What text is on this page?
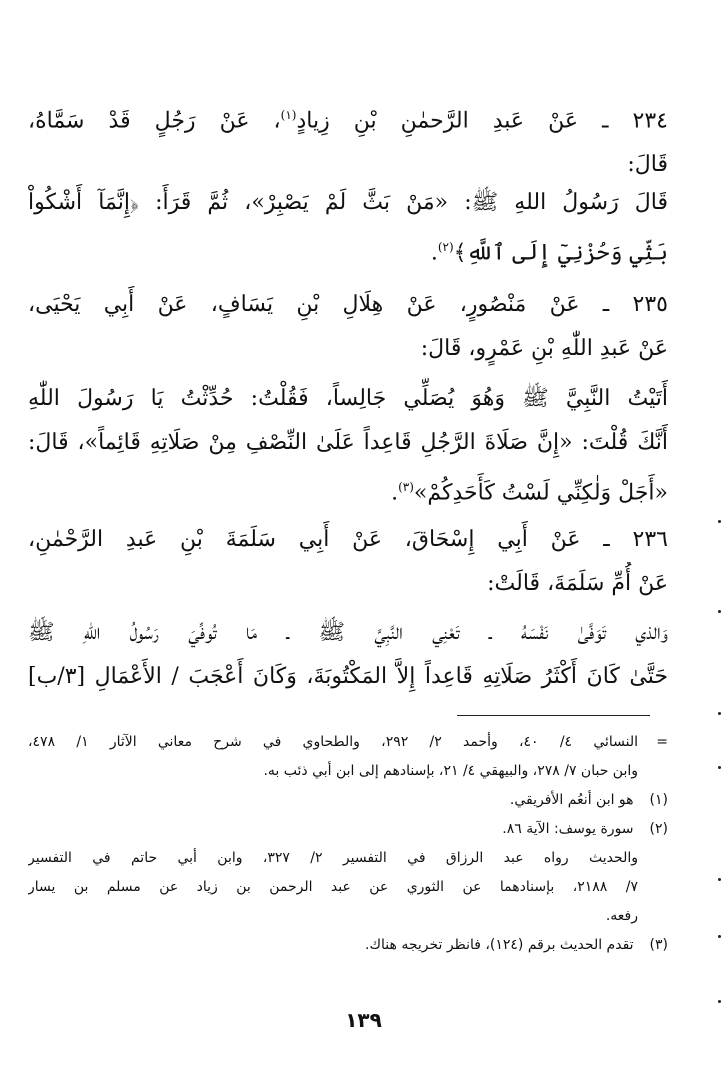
٢٣٤ ـ عَنْ عَبدِ الرَّحمٰنِ بْنِ زِيادٍ$^{(١)}$، عَنْ رَجُلٍ قَدْ سَمَّاهُ،
قَالَ:
قَالَ رَسُولُ اللهِ ﷺ: «مَنْ بَثَّ لَمْ يَصْبِرْ»، ثُمَّ قَرَأَ: ﴿إِنَّمَآ أَشْكُواْ
بَثِّي وَحُزْنِيٓ إِلَى ٱللَّهِ﴾$^{(٢)}$.
٢٣٥ ـ عَنْ مَنْصُورٍ، عَنْ هِلَالِ بْنِ يَسَافٍ، عَنْ أَبِي يَحْيَى،
عَنْ عَبدِ اللّٰهِ بْنِ عَمْرٍو، قَالَ:
أَتَيْتُ النَّبِيَّ ﷺ وَهُوَ يُصَلِّي جَالِساً، فَقُلْتُ: حُدِّثْتُ يَا رَسُولَ اللّٰهِ
أَنَّكَ قُلْتَ: «إِنَّ صَلَاةَ الرَّجُلِ قَاعِداً عَلَىٰ النِّصْفِ مِنْ صَلَاتِهِ قَائِماً»، قَالَ:
«أَجَلْ وَلٰكِنِّي لَسْتُ كَأَحَدِكُمْ»$^{(٣)}$.
٢٣٦ ـ عَنْ أَبِي إِسْحَاقَ، عَنْ أَبِي سَلَمَةَ بْنِ عَبدِ الرَّحْمٰنِ،
عَنْ أُمِّ سَلَمَةَ، قَالَتْ:
وَالذي تَوَفَّىٰ نَفْسَهُ ـ تَعْنِي النَّبِيَّ ﷺ ـ مَا تُوفِّيَ رَسُولُ اللهِ ﷺ
حَتَّىٰ كَانَ أَكْثَرُ صَلَاتِهِ قَاعِداً إِلاَّ المَكْتُوبَةَ، وَكَانَ أَعْجَبَ / الأَعْمَالِ [٣/ب]
=النسائي ٤/ ٤٠، وأحمد ٢/ ٢٩٢، والطحاوي في شرح معاني الآثار ١/ ٤٧٨،
وابن حبان ٧/ ٢٧٨، والبيهقي ٤/ ٢١، بإسنادهم إلى ابن أبي ذئب به.
(١) هو ابن أنعُم الأفريقي.
(٢) سورة يوسف: الآية ٨٦.
والحديث رواه عبد الرزاق في التفسير ٢/ ٣٢٧، وابن أبي حاتم في التفسير
٧/ ٢١٨٨، بإسنادهما عن الثوري عن عبد الرحمن بن زياد عن مسلم بن يسار
رفعه.
(٣) تقدم الحديث برقم (١٢٤)، فانظر تخريجه هناك.
١٣٩
